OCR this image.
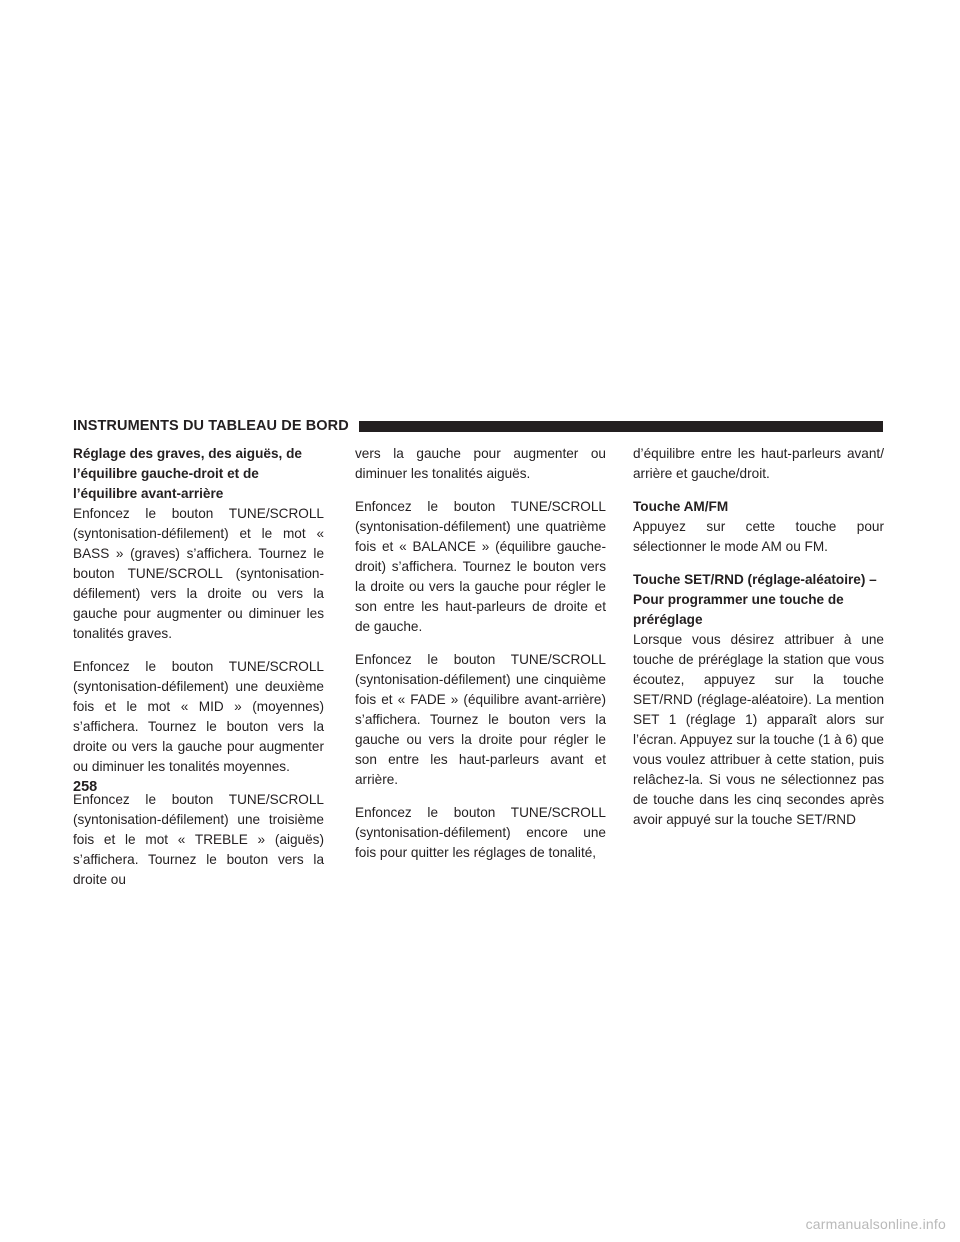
INSTRUMENTS DU TABLEAU DE BORD
Réglage des graves, des aiguës, de l’équilibre gauche-droit et de l’équilibre avant-arrière

Enfoncez le bouton TUNE/SCROLL (syntonisation-défilement) et le mot « BASS » (graves) s’affichera. Tournez le bouton TUNE/SCROLL (syntonisation-défilement) vers la droite ou vers la gauche pour augmenter ou diminuer les tonalités graves.

Enfoncez le bouton TUNE/SCROLL (syntonisation-défilement) une deuxième fois et le mot « MID » (moyennes) s’affichera. Tournez le bouton vers la droite ou vers la gauche pour augmenter ou diminuer les tonalités moyennes.

Enfoncez le bouton TUNE/SCROLL (syntonisation-défilement) une troisième fois et le mot « TREBLE » (aiguës) s’affichera. Tournez le bouton vers la droite ou

vers la gauche pour augmenter ou diminuer les tonalités aiguës.

Enfoncez le bouton TUNE/SCROLL (syntonisation-défilement) une quatrième fois et « BALANCE » (équilibre gauche-droit) s’affichera. Tournez le bouton vers la droite ou vers la gauche pour régler le son entre les haut-parleurs de droite et de gauche.

Enfoncez le bouton TUNE/SCROLL (syntonisation-défilement) une cinquième fois et « FADE » (équilibre avant-arrière) s’affichera. Tournez le bouton vers la gauche ou vers la droite pour régler le son entre les haut-parleurs avant et arrière.

Enfoncez le bouton TUNE/SCROLL (syntonisation-défilement) encore une fois pour quitter les réglages de tonalité,

d’équilibre entre les haut-parleurs avant/ arrière et gauche/droit.

Touche AM/FM

Appuyez sur cette touche pour sélectionner le mode AM ou FM.

Touche SET/RND (réglage-aléatoire) – Pour programmer une touche de préréglage

Lorsque vous désirez attribuer à une touche de préréglage la station que vous écoutez, appuyez sur la touche SET/RND (réglage-aléatoire). La mention SET 1 (réglage 1) apparaît alors sur l’écran. Appuyez sur la touche (1 à 6) que vous voulez attribuer à cette station, puis relâchez-la. Si vous ne sélectionnez pas de touche dans les cinq secondes après avoir appuyé sur la touche SET/RND

258
carmanualsonline.info
